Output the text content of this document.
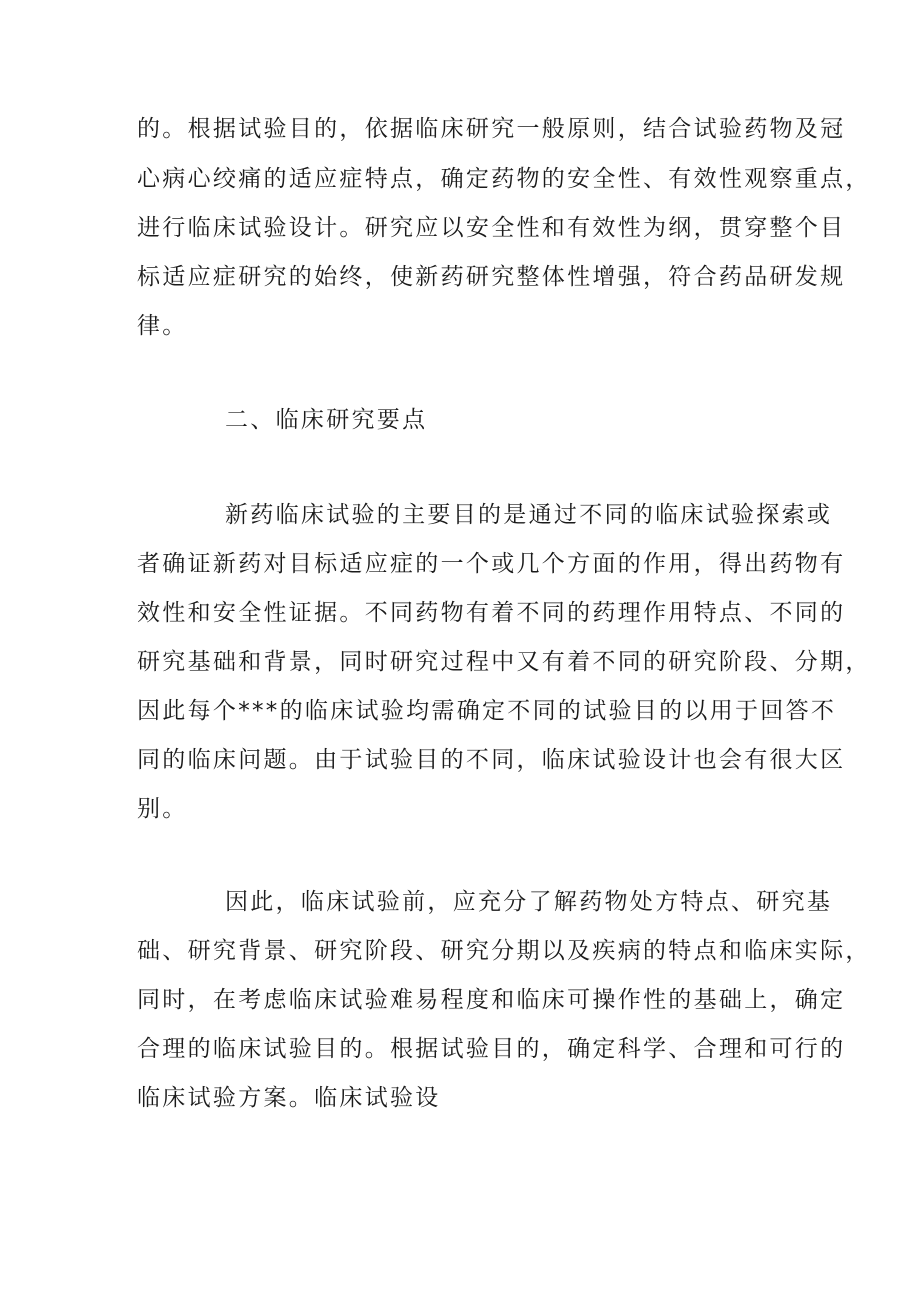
的。根据试验目的，依据临床研究一般原则，结合试验药物及冠
心病心绞痛的适应症特点，确定药物的安全性、有效性观察重点，
进行临床试验设计。研究应以安全性和有效性为纲，贯穿整个目
标适应症研究的始终，使新药研究整体性增强，符合药品研发规
律。
二、临床研究要点
新药临床试验的主要目的是通过不同的临床试验探索或
者确证新药对目标适应症的一个或几个方面的作用，得出药物有
效性和安全性证据。不同药物有着不同的药理作用特点、不同的
研究基础和背景，同时研究过程中又有着不同的研究阶段、分期，
因此每个***的临床试验均需确定不同的试验目的以用于回答不
同的临床问题。由于试验目的不同，临床试验设计也会有很大区
别。
因此，临床试验前，应充分了解药物处方特点、研究基
础、研究背景、研究阶段、研究分期以及疾病的特点和临床实际，
同时，在考虑临床试验难易程度和临床可操作性的基础上，确定
合理的临床试验目的。根据试验目的，确定科学、合理和可行的
临床试验方案。临床试验设
